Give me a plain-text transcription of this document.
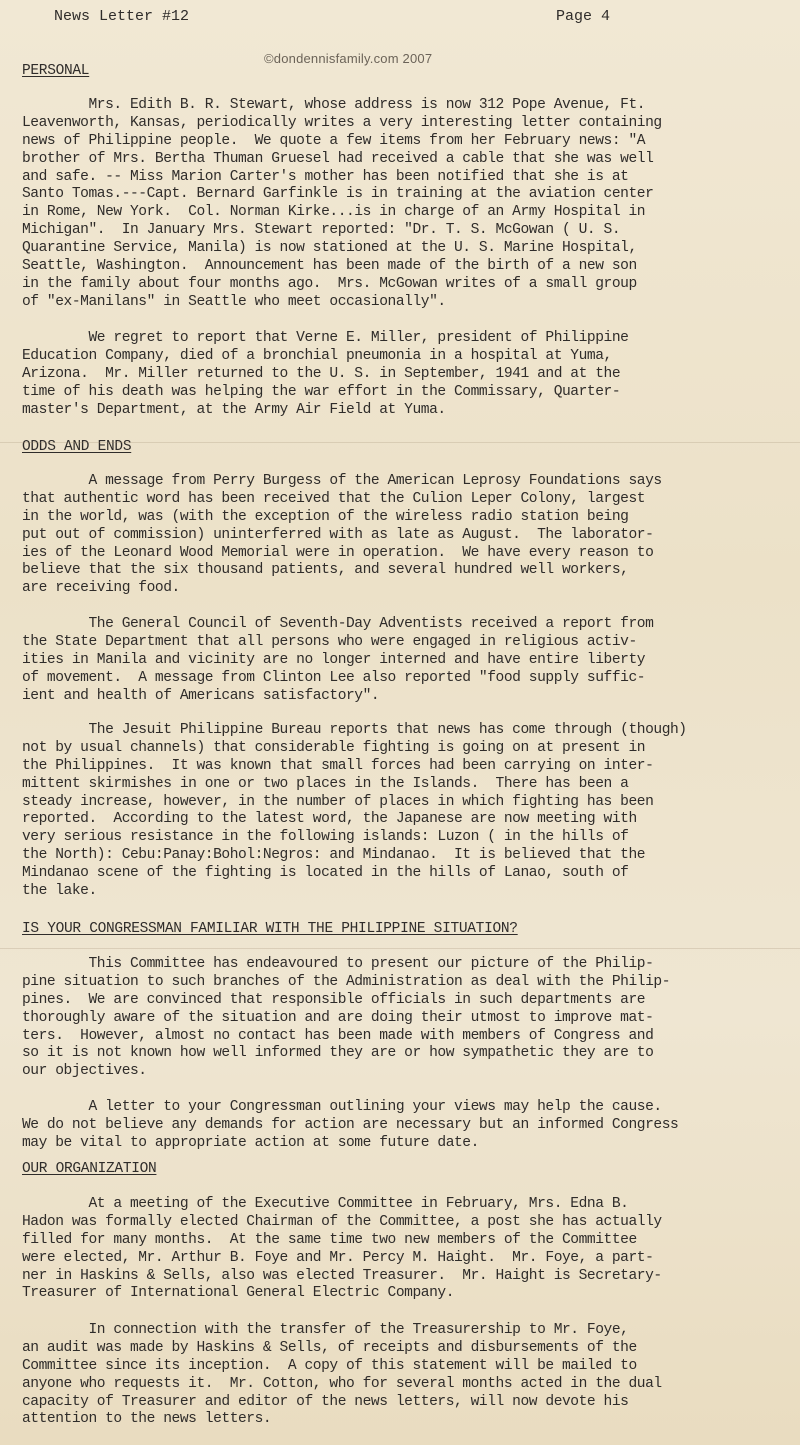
News Letter #12	Page 4
©dondennisfamily.com 2007
PERSONAL
Mrs. Edith B. R. Stewart, whose address is now 312 Pope Avenue, Ft.
Leavenworth, Kansas, periodically writes a very interesting letter containing
news of Philippine people.  We quote a few items from her February news: "A
brother of Mrs. Bertha Thuman Gruesel had received a cable that she was well
and safe. -- Miss Marion Carter's mother has been notified that she is at
Santo Tomas.---Capt. Bernard Garfinkle is in training at the aviation center
in Rome, New York.  Col. Norman Kirke...is in charge of an Army Hospital in
Michigan".  In January Mrs. Stewart reported: "Dr. T. S. McGowan ( U. S.
Quarantine Service, Manila) is now stationed at the U. S. Marine Hospital,
Seattle, Washington.  Announcement has been made of the birth of a new son
in the family about four months ago.  Mrs. McGowan writes of a small group
of "ex-Manilans" in Seattle who meet occasionally".
We regret to report that Verne E. Miller, president of Philippine
Education Company, died of a bronchial pneumonia in a hospital at Yuma,
Arizona.  Mr. Miller returned to the U. S. in September, 1941 and at the
time of his death was helping the war effort in the Commissary, Quarter-
master's Department, at the Army Air Field at Yuma.
ODDS AND ENDS
A message from Perry Burgess of the American Leprosy Foundations says
that authentic word has been received that the Culion Leper Colony, largest
in the world, was (with the exception of the wireless radio station being
put out of commission) uninterferred with as late as August.  The laborator-
ies of the Leonard Wood Memorial were in operation.  We have every reason to
believe that the six thousand patients, and several hundred well workers,
are receiving food.
The General Council of Seventh-Day Adventists received a report from
the State Department that all persons who were engaged in religious activ-
ities in Manila and vicinity are no longer interned and have entire liberty
of movement.  A message from Clinton Lee also reported "food supply suffic-
ient and health of Americans satisfactory".
The Jesuit Philippine Bureau reports that news has come through (though)
not by usual channels) that considerable fighting is going on at present in
the Philippines.  It was known that small forces had been carrying on inter-
mittent skirmishes in one or two places in the Islands.  There has been a
steady increase, however, in the number of places in which fighting has been
reported.  According to the latest word, the Japanese are now meeting with
very serious resistance in the following islands: Luzon ( in the hills of
the North): Cebu:Panay:Bohol:Negros: and Mindanao.  It is believed that the
Mindanao scene of the fighting is located in the hills of Lanao, south of
the lake.
IS YOUR CONGRESSMAN FAMILIAR WITH THE PHILIPPINE SITUATION?
This Committee has endeavoured to present our picture of the Philip-
pine situation to such branches of the Administration as deal with the Philip-
pines.  We are convinced that responsible officials in such departments are
thoroughly aware of the situation and are doing their utmost to improve mat-
ters.  However, almost no contact has been made with members of Congress and
so it is not known how well informed they are or how sympathetic they are to
our objectives.
A letter to your Congressman outlining your views may help the cause.
We do not believe any demands for action are necessary but an informed Congress
may be vital to appropriate action at some future date.
OUR ORGANIZATION
At a meeting of the Executive Committee in February, Mrs. Edna B.
Hadon was formally elected Chairman of the Committee, a post she has actually
filled for many months.  At the same time two new members of the Committee
were elected, Mr. Arthur B. Foye and Mr. Percy M. Haight.  Mr. Foye, a part-
ner in Haskins & Sells, also was elected Treasurer.  Mr. Haight is Secretary-
Treasurer of International General Electric Company.
In connection with the transfer of the Treasurership to Mr. Foye,
an audit was made by Haskins & Sells, of receipts and disbursements of the
Committee since its inception.  A copy of this statement will be mailed to
anyone who requests it.  Mr. Cotton, who for several months acted in the dual
capacity of Treasurer and editor of the news letters, will now devote his
attention to the news letters.
